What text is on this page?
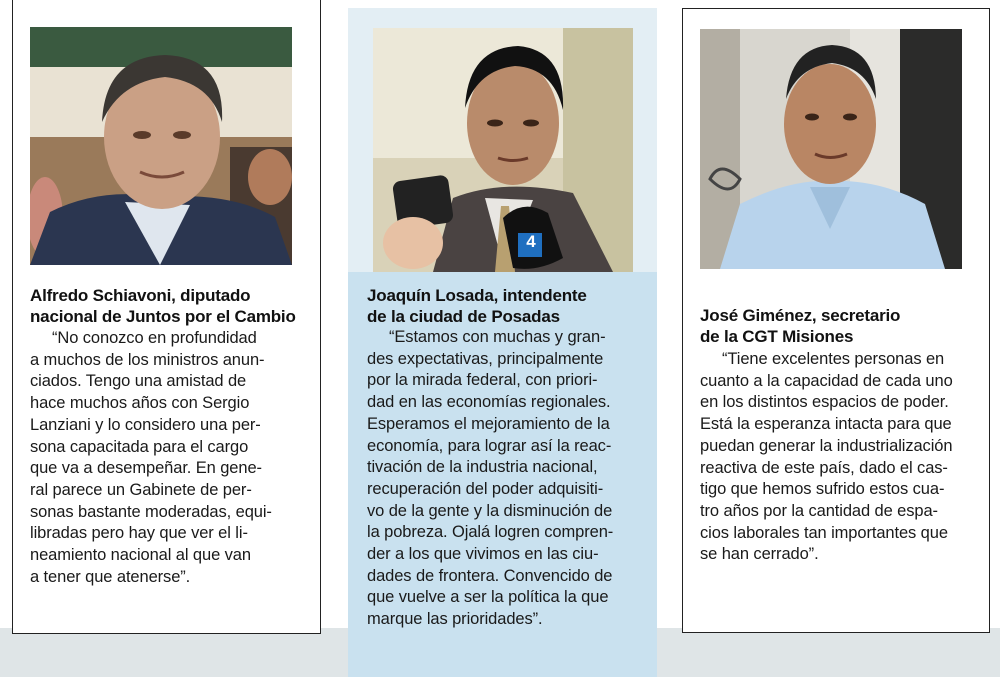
Alfredo Schiavoni, diputado
nacional de Juntos por el Cambio

“No conozco en profundidad

a muchos de los ministros anun-

ciados. Tengo una amistad de

hace muchos años con Sergio

Lanziani y lo considero una per-

sona capacitada para el cargo

que va a desempeñar. En gene-

ral parece un Gabinete de per-

sonas bastante moderadas, equi-

libradas pero hay que ver el li-

neamiento nacional al que van

a tener que atenerse”.

4
Joaquín Losada, intendente
de la ciudad de Posadas

“Estamos con muchas y gran-

des expectativas, principalmente

por la mirada federal, con priori-

dad en las economías regionales.

Esperamos el mejoramiento de la

economía, para lograr así la reac-

tivación de la industria nacional,

recuperación del poder adquisiti-

vo de la gente y la disminución de

la pobreza. Ojalá logren compren-

der a los que vivimos en las ciu-

dades de frontera. Convencido de

que vuelve a ser la política la que

marque las prioridades”.

José Giménez, secretario
de la CGT Misiones

“Tiene excelentes personas en

cuanto a la capacidad de cada uno

en los distintos espacios de poder.

Está la esperanza intacta para que

puedan generar la industrialización

reactiva de este país, dado el cas-

tigo que hemos sufrido estos cua-

tro años por la cantidad de espa-

cios laborales tan importantes que

se han cerrado”.
